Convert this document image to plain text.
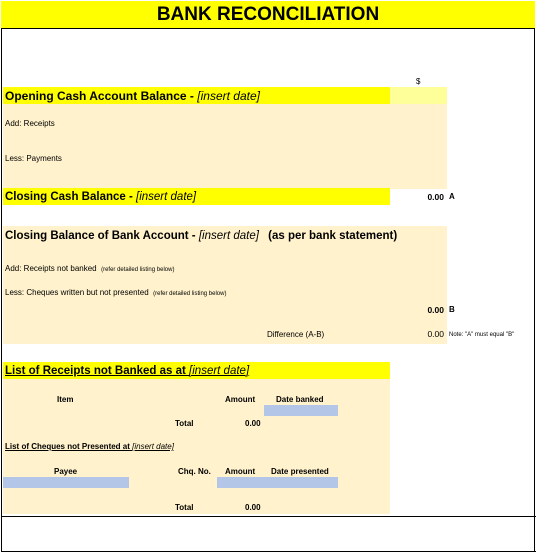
BANK RECONCILIATION
$
Opening Cash Account Balance - [insert date]
Add: Receipts
Less: Payments
Closing Cash Balance - [insert date]	0.00 A
Closing Balance of Bank Account - [insert date] (as per bank statement)
Add: Receipts not banked (refer detailed listing below)
Less: Cheques written but not presented (refer detailed listing below)
0.00 B
Difference (A-B)	0.00 Note: "A" must equal "B"
List of Receipts not Banked as at [insert date]
Item	Amount	Date banked
Total	0.00
List of Cheques not Presented at [insert date]
Payee	Chq. No. Amount Date presented
Total	0.00
